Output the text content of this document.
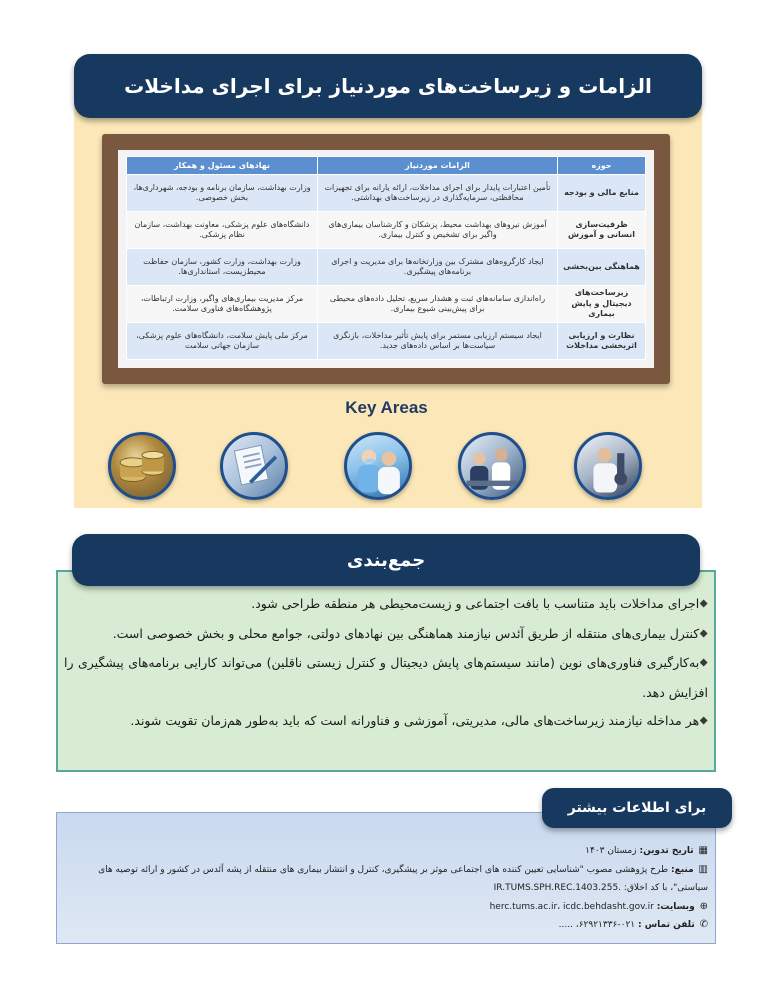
الزامات و زیرساخت‌های موردنیاز برای اجرای مداخلات
حوزه	الزامات موردنیاز	نهادهای مسئول و همکار
منابع مالی و بودجه	تأمین اعتبارات پایدار برای اجرای مداخلات، ارائه یارانه برای تجهیزات محافظتی، سرمایه‌گذاری در زیرساخت‌های بهداشتی.	وزارت بهداشت، سازمان برنامه و بودجه، شهرداری‌ها، بخش خصوصی.
ظرفیت‌سازی انسانی و آموزش	آموزش نیروهای بهداشت محیط، پزشکان و کارشناسان بیماری‌های واگیر برای تشخیص و کنترل بیماری.	دانشگاه‌های علوم پزشکی، معاونت بهداشت، سازمان نظام پزشکی.
هماهنگی بین‌بخشی	ایجاد کارگروه‌های مشترک بین وزارتخانه‌ها برای مدیریت و اجرای برنامه‌های پیشگیری.	وزارت بهداشت، وزارت کشور، سازمان حفاظت محیط‌زیست، استانداری‌ها.
زیرساخت‌های دیجیتال و پایش بیماری	راه‌اندازی سامانه‌های ثبت و هشدار سریع، تحلیل داده‌های محیطی برای پیش‌بینی شیوع بیماری.	مرکز مدیریت بیماری‌های واگیر، وزارت ارتباطات، پژوهشگاه‌های فناوری سلامت.
نظارت و ارزیابی اثربخشی مداخلات	ایجاد سیستم ارزیابی مستمر برای پایش تأثیر مداخلات، بازنگری سیاست‌ها بر اساس داده‌های جدید.	مرکز ملی پایش سلامت، دانشگاه‌های علوم پزشکی، سازمان جهانی سلامت
Key Areas
جمع‌بندی

⯁اجرای مداخلات باید متناسب با بافت اجتماعی و زیست‌محیطی هر منطقه طراحی شود.

⯁کنترل بیماری‌های منتقله از طریق آئدس نیازمند هماهنگی بین نهادهای دولتی، جوامع محلی و بخش خصوصی است.

⯁به‌کارگیری فناوری‌های نوین (مانند سیستم‌های پایش دیجیتال و کنترل زیستی ناقلین) می‌تواند کارایی برنامه‌های پیشگیری را افزایش دهد.

⯁هر مداخله نیازمند زیرساخت‌های مالی، مدیریتی، آموزشی و فناورانه است که باید به‌طور هم‌زمان تقویت شوند.

برای اطلاعات بیشتر

▦ تاریخ تدوین: زمستان ۱۴۰۳

▥ منبع: طرح پژوهشی مصوب "شناسایی تعیین کننده های اجتماعی موثر بر پیشگیری، کنترل و انتشار بیماری های منتقله از پشه آئدس در کشور و ارائه توصیه های سیاستی"، با کد اخلاق: IR.TUMS.SPH.REC.1403.255.

⊕ وبسایت: herc.tums.ac.ir، icdc.behdasht.gov.ir

✆ تلفن تماس : ۰۲۱-۶۲۹۲۱۳۳۶، .....
